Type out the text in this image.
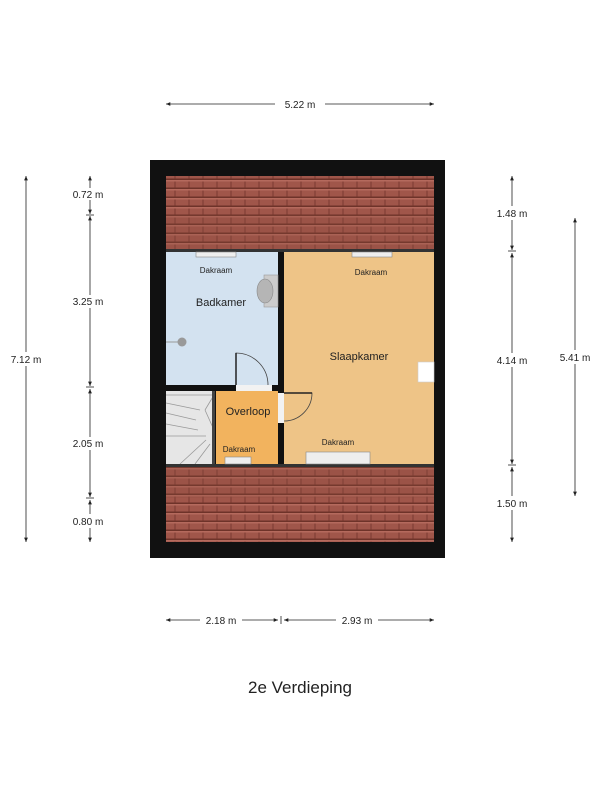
Badkamer
Slaapkamer
Overloop
Dakraam	Dakraam
Dakraam
Dakraam
5.22 m
7.12 m
0.72 m
3.25 m
2.05 m
0.80 m
1.48 m
4.14 m
1.50 m
5.41 m
2.18 m	2.93 m
2e Verdieping
